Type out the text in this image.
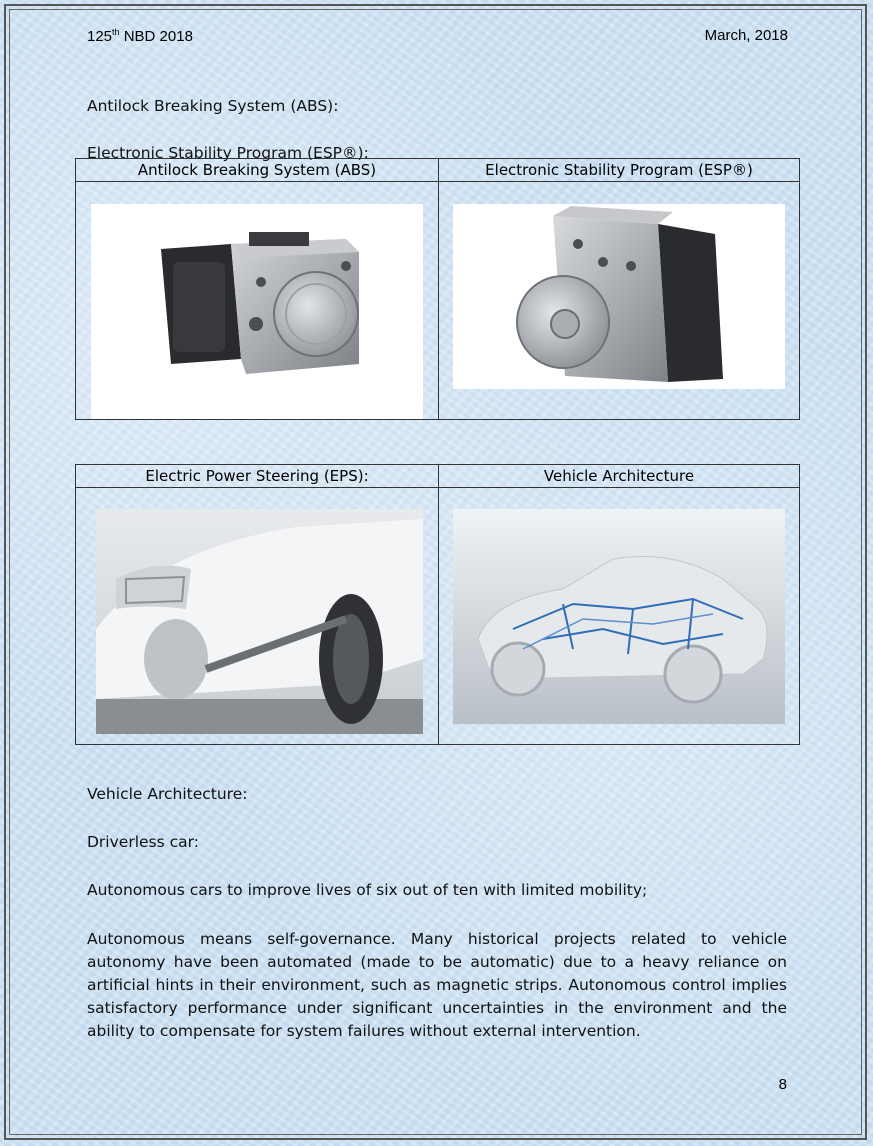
125th NBD 2018	March, 2018
Antilock Breaking System (ABS):
Electronic Stability Program (ESP®):
Antilock Breaking System (ABS)	Electronic Stability Program (ESP®)

Electric Power Steering (EPS):	Vehicle Architecture

Vehicle Architecture:
Driverless car:
Autonomous cars to improve lives of six out of ten with limited mobility;
Autonomous means self-governance. Many historical projects related to vehicle autonomy have been automated (made to be automatic) due to a heavy reliance on artificial hints in their environment, such as magnetic strips. Autonomous control implies satisfactory performance under significant uncertainties in the environment and the ability to compensate for system failures without external intervention.
8
